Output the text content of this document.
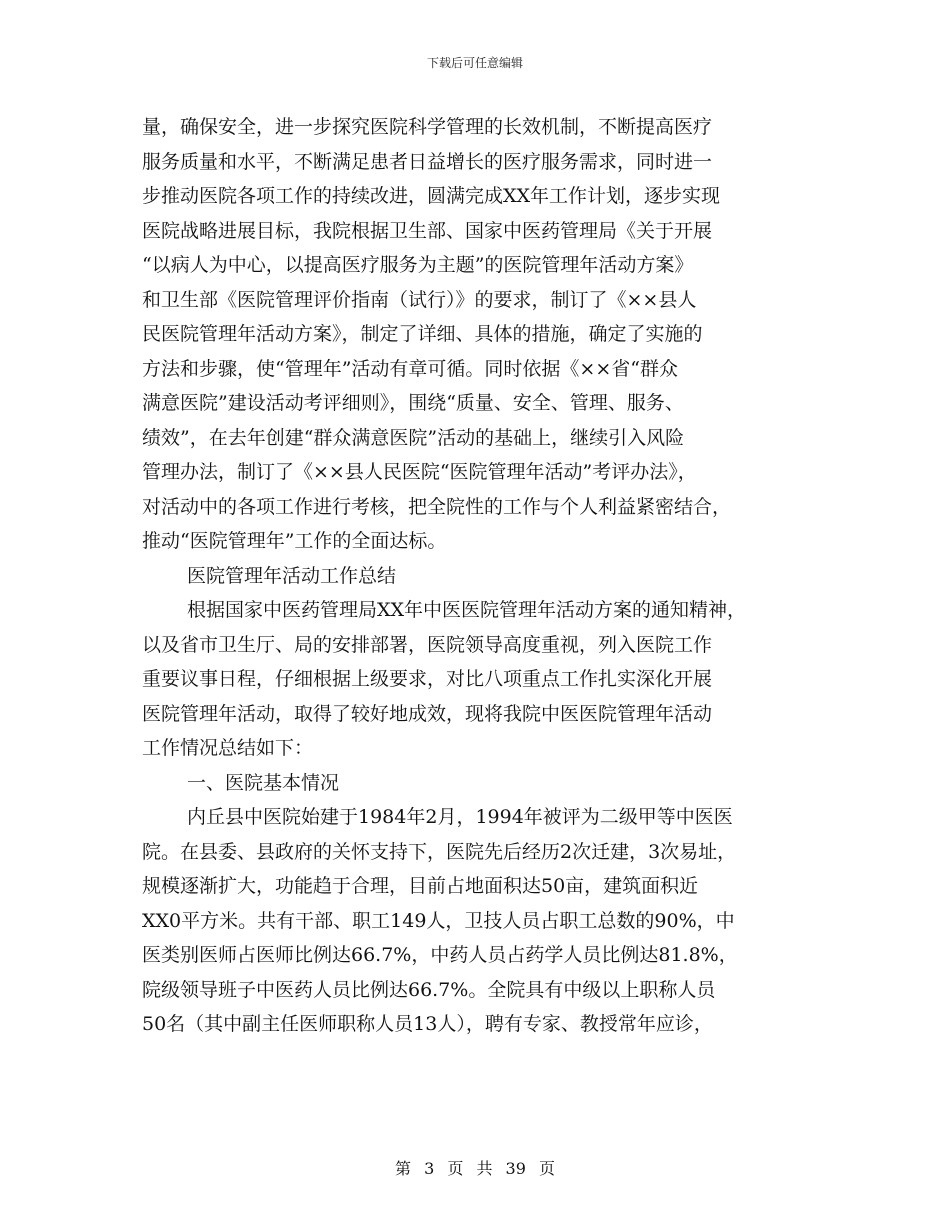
下载后可任意编辑
量，确保安全，进一步探究医院科学管理的长效机制，不断提高医疗
服务质量和水平，不断满足患者日益增长的医疗服务需求，同时进一
步推动医院各项工作的持续改进，圆满完成XX年工作计划，逐步实现
医院战略进展目标，我院根据卫生部、国家中医药管理局《关于开展
“以病人为中心，以提高医疗服务为主题”的医院管理年活动方案》
和卫生部《医院管理评价指南（试行）》的要求，制订了《××县人
民医院管理年活动方案》，制定了详细、具体的措施，确定了实施的
方法和步骤，使“管理年”活动有章可循。同时依据《××省“群众
满意医院”建设活动考评细则》，围绕“质量、安全、管理、服务、
绩效”，在去年创建“群众满意医院”活动的基础上，继续引入风险
管理办法，制订了《××县人民医院“医院管理年活动”考评办法》，
对活动中的各项工作进行考核，把全院性的工作与个人利益紧密结合，
推动“医院管理年”工作的全面达标。
医院管理年活动工作总结
根据国家中医药管理局XX年中医医院管理年活动方案的通知精神，
以及省市卫生厅、局的安排部署，医院领导高度重视，列入医院工作
重要议事日程，仔细根据上级要求，对比八项重点工作扎实深化开展
医院管理年活动，取得了较好地成效，现将我院中医医院管理年活动
工作情况总结如下：
一、医院基本情况
内丘县中医院始建于1984年2月，1994年被评为二级甲等中医医
院。在县委、县政府的关怀支持下，医院先后经历2次迁建，3次易址，
规模逐渐扩大，功能趋于合理，目前占地面积达50亩，建筑面积近
XX0平方米。共有干部、职工149人，卫技人员占职工总数的90%，中
医类别医师占医师比例达66.7%，中药人员占药学人员比例达81.8%，
院级领导班子中医药人员比例达66.7%。全院具有中级以上职称人员
50名（其中副主任医师职称人员13人），聘有专家、教授常年应诊，
第 3 页 共 39 页
